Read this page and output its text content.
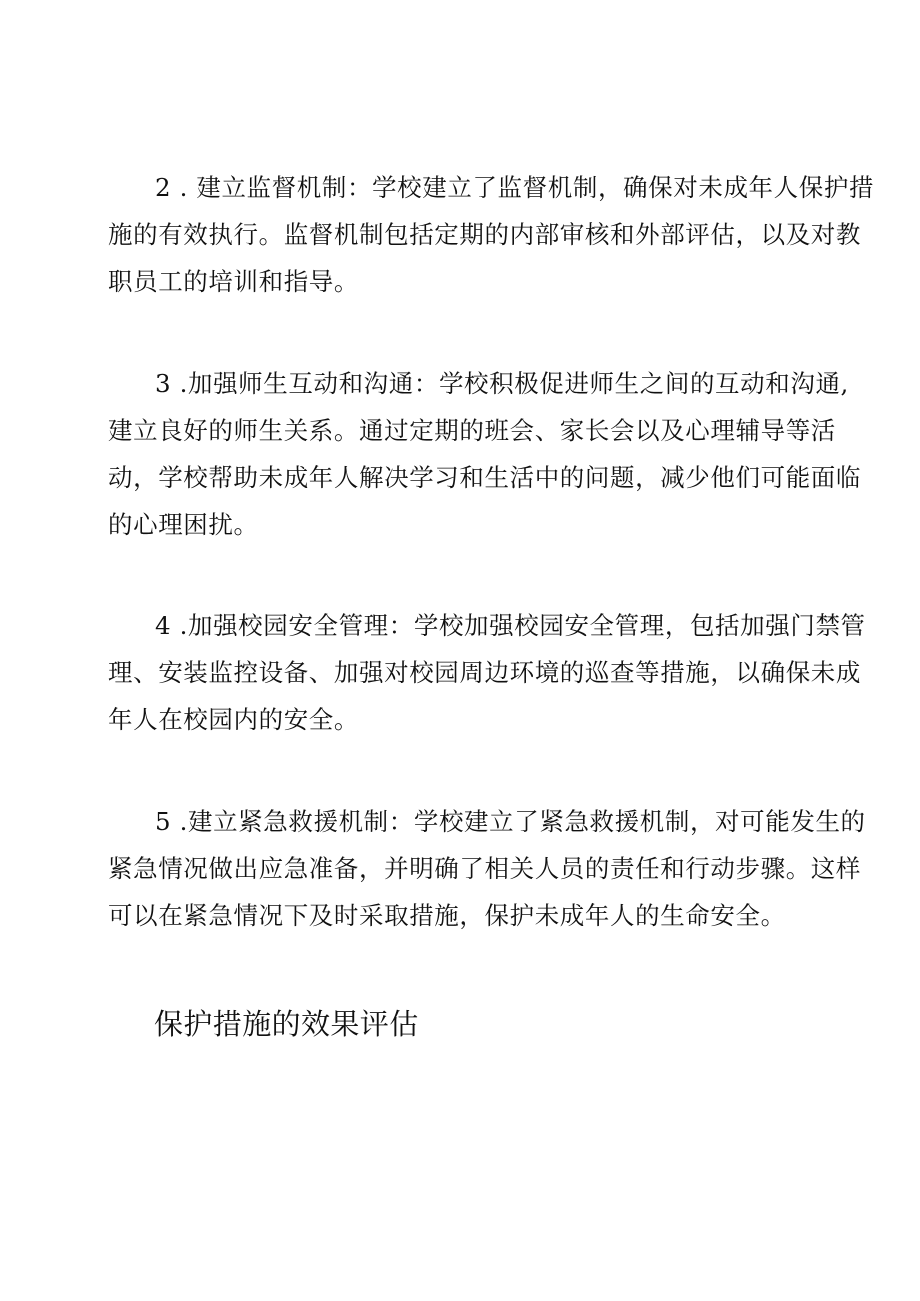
2 . 建立监督机制：学校建立了监督机制，确保对未成年人保护措
施的有效执行。监督机制包括定期的内部审核和外部评估，以及对教
职员工的培训和指导。

3 .加强师生互动和沟通：学校积极促进师生之间的互动和沟通,
建立良好的师生关系。通过定期的班会、家长会以及心理辅导等活
动，学校帮助未成年人解决学习和生活中的问题，减少他们可能面临
的心理困扰。

4 .加强校园安全管理：学校加强校园安全管理，包括加强门禁管
理、安装监控设备、加强对校园周边环境的巡查等措施，以确保未成
年人在校园内的安全。

5 .建立紧急救援机制：学校建立了紧急救援机制，对可能发生的
紧急情况做出应急准备，并明确了相关人员的责任和行动步骤。这样
可以在紧急情况下及时采取措施，保护未成年人的生命安全。

保护措施的效果评估
